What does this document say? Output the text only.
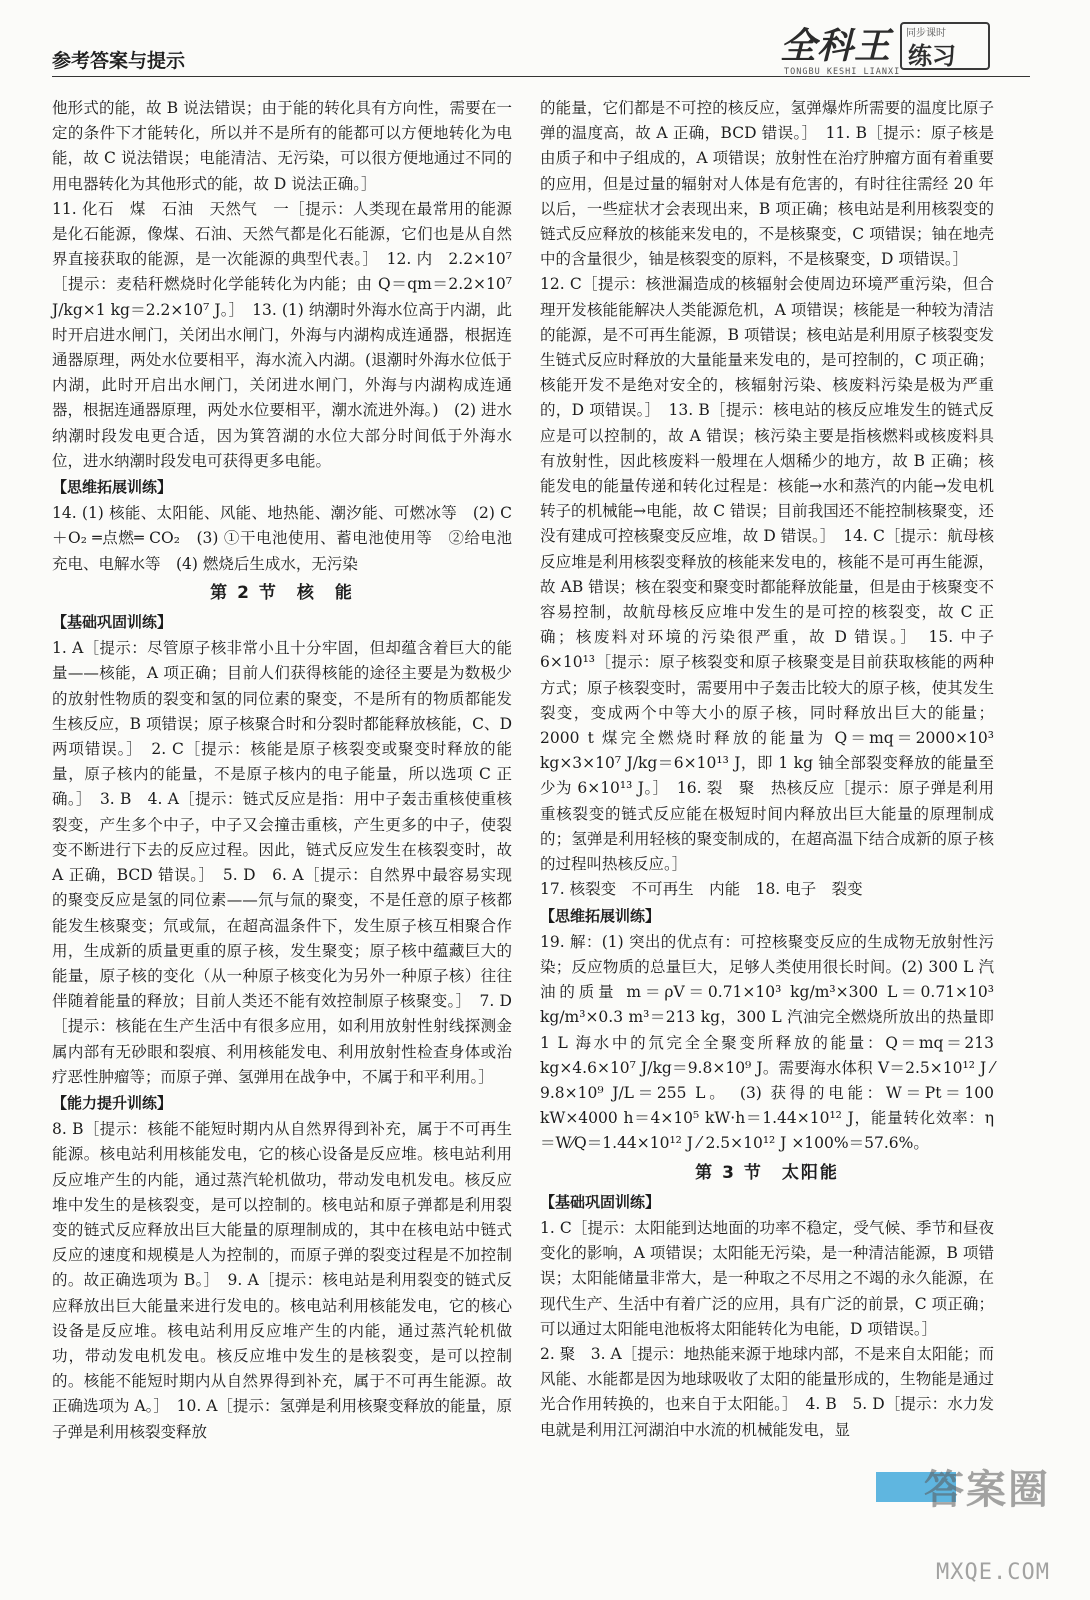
参考答案与提示	全科王 同步课时
练习
TONGBU KESHI LIANXI
他形式的能，故 B 说法错误；由于能的转化具有方向性，需要在一定的条件下才能转化，所以并不是所有的能都可以方便地转化为电能，故 C 说法错误；电能清洁、无污染，可以很方便地通过不同的用电器转化为其他形式的能，故 D 说法正确。］
11. 化石　煤　石油　天然气　一［提示：人类现在最常用的能源是化石能源，像煤、石油、天然气都是化石能源，它们也是从自然界直接获取的能源，是一次能源的典型代表。］　12. 内　2.2×10⁷［提示：麦秸秆燃烧时化学能转化为内能；由 Q＝qm＝2.2×10⁷ J/kg×1 kg＝2.2×10⁷ J。］　13. (1) 纳潮时外海水位高于内湖，此时开启进水闸门，关闭出水闸门，外海与内湖构成连通器，根据连通器原理，两处水位要相平，海水流入内湖。(退潮时外海水位低于内湖，此时开启出水闸门，关闭进水闸门，外海与内湖构成连通器，根据连通器原理，两处水位要相平，潮水流进外海。)　(2) 进水纳潮时段发电更合适，因为箕笤湖的水位大部分时间低于外海水位，进水纳潮时段发电可获得更多电能。
【思维拓展训练】
14. (1) 核能、太阳能、风能、地热能、潮汐能、可燃冰等　(2) C＋O₂ ═点燃═ CO₂　(3) ①干电池使用、蓄电池使用等　②给电池充电、电解水等　(4) 燃烧后生成水，无污染
第 2 节　核　能
【基础巩固训练】
1. A［提示：尽管原子核非常小且十分牢固，但却蕴含着巨大的能量——核能，A 项正确；目前人们获得核能的途径主要是为数极少的放射性物质的裂变和氢的同位素的聚变，不是所有的物质都能发生核反应，B 项错误；原子核聚合时和分裂时都能释放核能，C、D 两项错误。］　2. C［提示：核能是原子核裂变或聚变时释放的能量，原子核内的能量，不是原子核内的电子能量，所以选项 C 正确。］　3. B　4. A［提示：链式反应是指：用中子轰击重核使重核裂变，产生多个中子，中子又会撞击重核，产生更多的中子，使裂变不断进行下去的反应过程。因此，链式反应发生在核裂变时，故 A 正确，BCD 错误。］　5. D　6. A［提示：自然界中最容易实现的聚变反应是氢的同位素——氘与氚的聚变，不是任意的原子核都能发生核聚变；氘或氚，在超高温条件下，发生原子核互相聚合作用，生成新的质量更重的原子核，发生聚变；原子核中蕴藏巨大的能量，原子核的变化（从一种原子核变化为另外一种原子核）往往伴随着能量的释放；目前人类还不能有效控制原子核聚变。］　7. D［提示：核能在生产生活中有很多应用，如利用放射性射线探测金属内部有无砂眼和裂痕、利用核能发电、利用放射性检查身体或治疗恶性肿瘤等；而原子弹、氢弹用在战争中，不属于和平利用。］
【能力提升训练】
8. B［提示：核能不能短时期内从自然界得到补充，属于不可再生能源。核电站利用核能发电，它的核心设备是反应堆。核电站利用反应堆产生的内能，通过蒸汽轮机做功，带动发电机发电。核反应堆中发生的是核裂变，是可以控制的。核电站和原子弹都是利用裂变的链式反应释放出巨大能量的原理制成的，其中在核电站中链式反应的速度和规模是人为控制的，而原子弹的裂变过程是不加控制的。故正确选项为 B。］　9. A［提示：核电站是利用裂变的链式反应释放出巨大能量来进行发电的。核电站利用核能发电，它的核心设备是反应堆。核电站利用反应堆产生的内能，通过蒸汽轮机做功，带动发电机发电。核反应堆中发生的是核裂变，是可以控制的。核能不能短时期内从自然界得到补充，属于不可再生能源。故正确选项为 A。］　10. A［提示：氢弹是利用核聚变释放的能量，原子弹是利用核裂变释放
的能量，它们都是不可控的核反应，氢弹爆炸所需要的温度比原子弹的温度高，故 A 正确，BCD 错误。］　11. B［提示：原子核是由质子和中子组成的，A 项错误；放射性在治疗肿瘤方面有着重要的应用，但是过量的辐射对人体是有危害的，有时往往需经 20 年以后，一些症状才会表现出来，B 项正确；核电站是利用核裂变的链式反应释放的核能来发电的，不是核聚变，C 项错误；铀在地壳中的含量很少，铀是核裂变的原料，不是核聚变，D 项错误。］
12. C［提示：核泄漏造成的核辐射会使周边环境严重污染，但合理开发核能能解决人类能源危机，A 项错误；核能是一种较为清洁的能源，是不可再生能源，B 项错误；核电站是利用原子核裂变发生链式反应时释放的大量能量来发电的，是可控制的，C 项正确；核能开发不是绝对安全的，核辐射污染、核废料污染是极为严重的，D 项错误。］　13. B［提示：核电站的核反应堆发生的链式反应是可以控制的，故 A 错误；核污染主要是指核燃料或核废料具有放射性，因此核废料一般埋在人烟稀少的地方，故 B 正确；核能发电的能量传递和转化过程是：核能→水和蒸汽的内能→发电机转子的机械能→电能，故 C 错误；目前我国还不能控制核聚变，还没有建成可控核聚变反应堆，故 D 错误。］　14. C［提示：航母核反应堆是利用核裂变释放的核能来发电的，核能不是可再生能源，故 AB 错误；核在裂变和聚变时都能释放能量，但是由于核聚变不容易控制，故航母核反应堆中发生的是可控的核裂变，故 C 正确；核废料对环境的污染很严重，故 D 错误。］　15. 中子　6×10¹³［提示：原子核裂变和原子核聚变是目前获取核能的两种方式；原子核裂变时，需要用中子轰击比较大的原子核，使其发生裂变，变成两个中等大小的原子核，同时释放出巨大的能量；2000 t 煤完全燃烧时释放的能量为 Q＝mq＝2000×10³ kg×3×10⁷ J/kg＝6×10¹³ J，即 1 kg 铀全部裂变释放的能量至少为 6×10¹³ J。］　16. 裂　聚　热核反应［提示：原子弹是利用重核裂变的链式反应能在极短时间内释放出巨大能量的原理制成的；氢弹是利用轻核的聚变制成的，在超高温下结合成新的原子核的过程叫热核反应。］
17. 核裂变　不可再生　内能　18. 电子　裂变
【思维拓展训练】
19. 解：(1) 突出的优点有：可控核聚变反应的生成物无放射性污染；反应物质的总量巨大，足够人类使用很长时间。(2) 300 L 汽油的质量 m＝ρV＝0.71×10³ kg/m³×300 L＝0.71×10³ kg/m³×0.3 m³＝213 kg，300 L 汽油完全燃烧所放出的热量即 1 L 海水中的氘完全全聚变所释放的能量：Q＝mq＝213 kg×4.6×10⁷ J/kg＝9.8×10⁹ J。需要海水体积 V＝2.5×10¹² J ⁄ 9.8×10⁹ J/L＝255 L。　(3) 获得的电能：W＝Pt＝100 kW×4000 h＝4×10⁵ kW·h＝1.44×10¹² J，能量转化效率：η＝W⁄Q＝1.44×10¹² J ⁄ 2.5×10¹² J ×100%＝57.6%。
第 3 节　太阳能
【基础巩固训练】
1. C［提示：太阳能到达地面的功率不稳定，受气候、季节和昼夜变化的影响，A 项错误；太阳能无污染，是一种清洁能源，B 项错误；太阳能储量非常大，是一种取之不尽用之不竭的永久能源，在现代生产、生活中有着广泛的应用，具有广泛的前景，C 项正确；可以通过太阳能电池板将太阳能转化为电能，D 项错误。］
2. 聚　3. A［提示：地热能来源于地球内部，不是来自太阳能；而风能、水能都是因为地球吸收了太阳的能量形成的，生物能是通过光合作用转换的，也来自于太阳能。］　4. B　5. D［提示：水力发电就是利用江河湖泊中水流的机械能发电，显
答案圈
MXQE.COM
